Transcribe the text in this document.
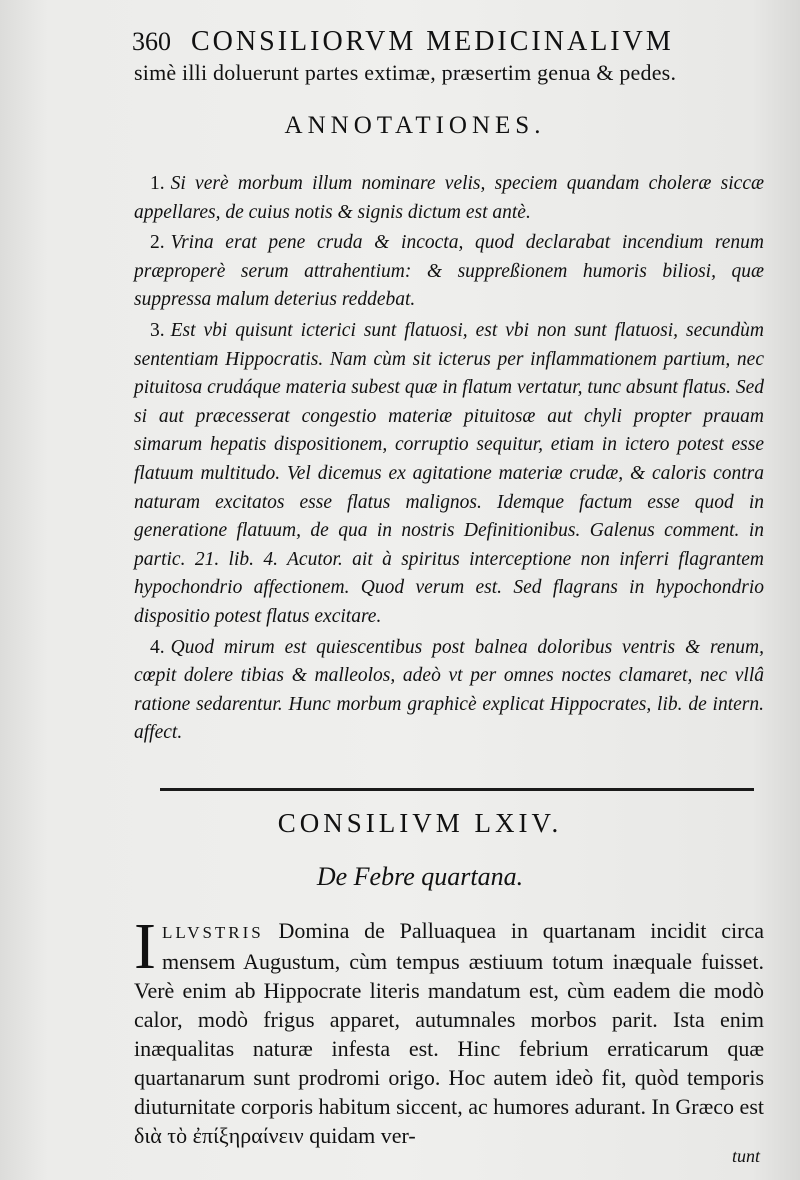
360 CONSILIORVM MEDICINALIVM
simè illi doluerunt partes extimæ, præsertim genua & pedes.
ANNOTATIONES.

1. Si verè morbum illum nominare velis, speciem quandam choleræ siccæ appellares, de cuius notis & signis dictum est antè.

2. Vrina erat pene cruda & incocta, quod declarabat incendium renum præproperè serum attrahentium: & suppreßionem humoris biliosi, quæ suppressa malum deterius reddebat.

3. Est vbi quisunt icterici sunt flatuosi, est vbi non sunt flatuosi, secundùm sententiam Hippocratis. Nam cùm sit icterus per inflammationem partium, nec pituitosa crudáque materia subest quæ in flatum vertatur, tunc absunt flatus. Sed si aut præcesserat congestio materiæ pituitosæ aut chyli propter prauam simarum hepatis dispositionem, corruptio sequitur, etiam in ictero potest esse flatuum multitudo. Vel dicemus ex agitatione materiæ crudæ, & caloris contra naturam excitatos esse flatus malignos. Idemque factum esse quod in generatione flatuum, de qua in nostris Definitionibus. Galenus comment. in partic. 21. lib. 4. Acutor. ait à spiritus interceptione non inferri flagrantem hypochondrio affectionem. Quod verum est. Sed flagrans in hypochondrio dispositio potest flatus excitare.

4. Quod mirum est quiescentibus post balnea doloribus ventris & renum, cœpit dolere tibias & malleolos, adeò vt per omnes noctes clamaret, nec vllâ ratione sedarentur. Hunc morbum graphicè explicat Hippocrates, lib. de intern. affect.

CONSILIVM LXIV.
De Febre quartana.

ILLVSTRIS Domina de Palluaquea in quartanam incidit circa mensem Augustum, cùm tempus æstiuum totum inæquale fuisset. Verè enim ab Hippocrate literis mandatum est, cùm eadem die modò calor, modò frigus apparet, autumnales morbos parit. Ista enim inæqualitas naturæ infesta est. Hinc febrium erraticarum quæ quartanarum sunt prodromi origo. Hoc autem ideò fit, quòd temporis diuturnitate corporis habitum siccent, ac humores adurant. In Græco est διὰ τὸ ἐπίξηραίνειν quidam ver-

tunt
